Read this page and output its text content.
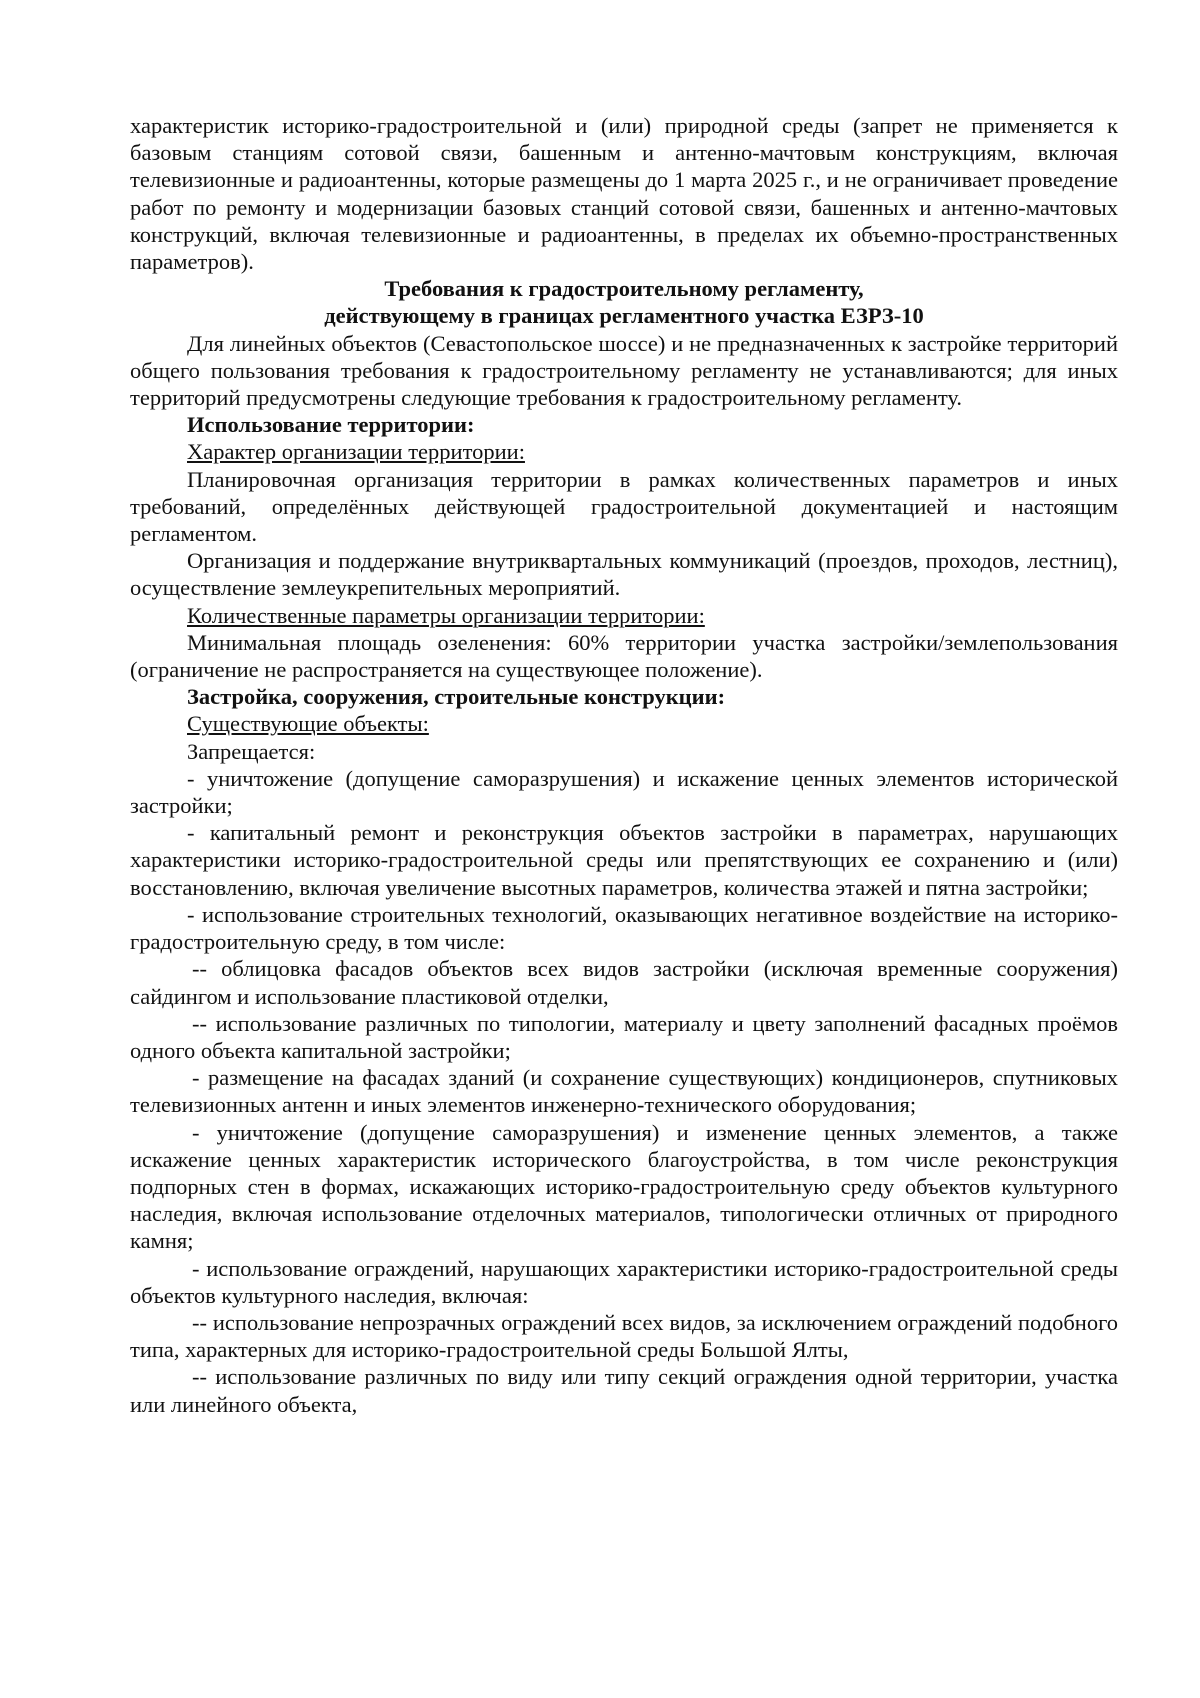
характеристик историко-градостроительной и (или) природной среды (запрет не применяется к базовым станциям сотовой связи, башенным и антенно-мачтовым конструкциям, включая телевизионные и радиоантенны, которые размещены до 1 марта 2025 г., и не ограничивает проведение работ по ремонту и модернизации базовых станций сотовой связи, башенных и антенно-мачтовых конструкций, включая телевизионные и радиоантенны, в пределах их объемно-пространственных параметров).

Требования к градостроительному регламенту,

действующему в границах регламентного участка ЕЗРЗ-10

Для линейных объектов (Севастопольское шоссе) и не предназначенных к застройке территорий общего пользования требования к градостроительному регламенту не устанавливаются; для иных территорий предусмотрены следующие требования к градостроительному регламенту.

Использование территории:

Характер организации территории:

Планировочная организация территории в рамках количественных параметров и иных требований, определённых действующей градостроительной документацией и настоящим регламентом.

Организация и поддержание внутриквартальных коммуникаций (проездов, проходов, лестниц), осуществление землеукрепительных мероприятий.

Количественные параметры организации территории:

Минимальная площадь озеленения: 60% территории участка застройки/землепользования (ограничение не распространяется на существующее положение).

Застройка, сооружения, строительные конструкции:

Существующие объекты:

Запрещается:

- уничтожение (допущение саморазрушения) и искажение ценных элементов исторической застройки;

- капитальный ремонт и реконструкция объектов застройки в параметрах, нарушающих характеристики историко-градостроительной среды или препятствующих ее сохранению и (или) восстановлению, включая увеличение высотных параметров, количества этажей и пятна застройки;

- использование строительных технологий, оказывающих негативное воздействие на историко-градостроительную среду, в том числе:

-- облицовка фасадов объектов всех видов застройки (исключая временные сооружения) сайдингом и использование пластиковой отделки,

-- использование различных по типологии, материалу и цвету заполнений фасадных проёмов одного объекта капитальной застройки;

- размещение на фасадах зданий (и сохранение существующих) кондиционеров, спутниковых телевизионных антенн и иных элементов инженерно-технического оборудования;

- уничтожение (допущение саморазрушения) и изменение ценных элементов, а также искажение ценных характеристик исторического благоустройства, в том числе реконструкция подпорных стен в формах, искажающих историко-градостроительную среду объектов культурного наследия, включая использование отделочных материалов, типологически отличных от природного камня;

- использование ограждений, нарушающих характеристики историко-градостроительной среды объектов культурного наследия, включая:

-- использование непрозрачных ограждений всех видов, за исключением ограждений подобного типа, характерных для историко-градостроительной среды Большой Ялты,

-- использование различных по виду или типу секций ограждения одной территории, участка или линейного объекта,
